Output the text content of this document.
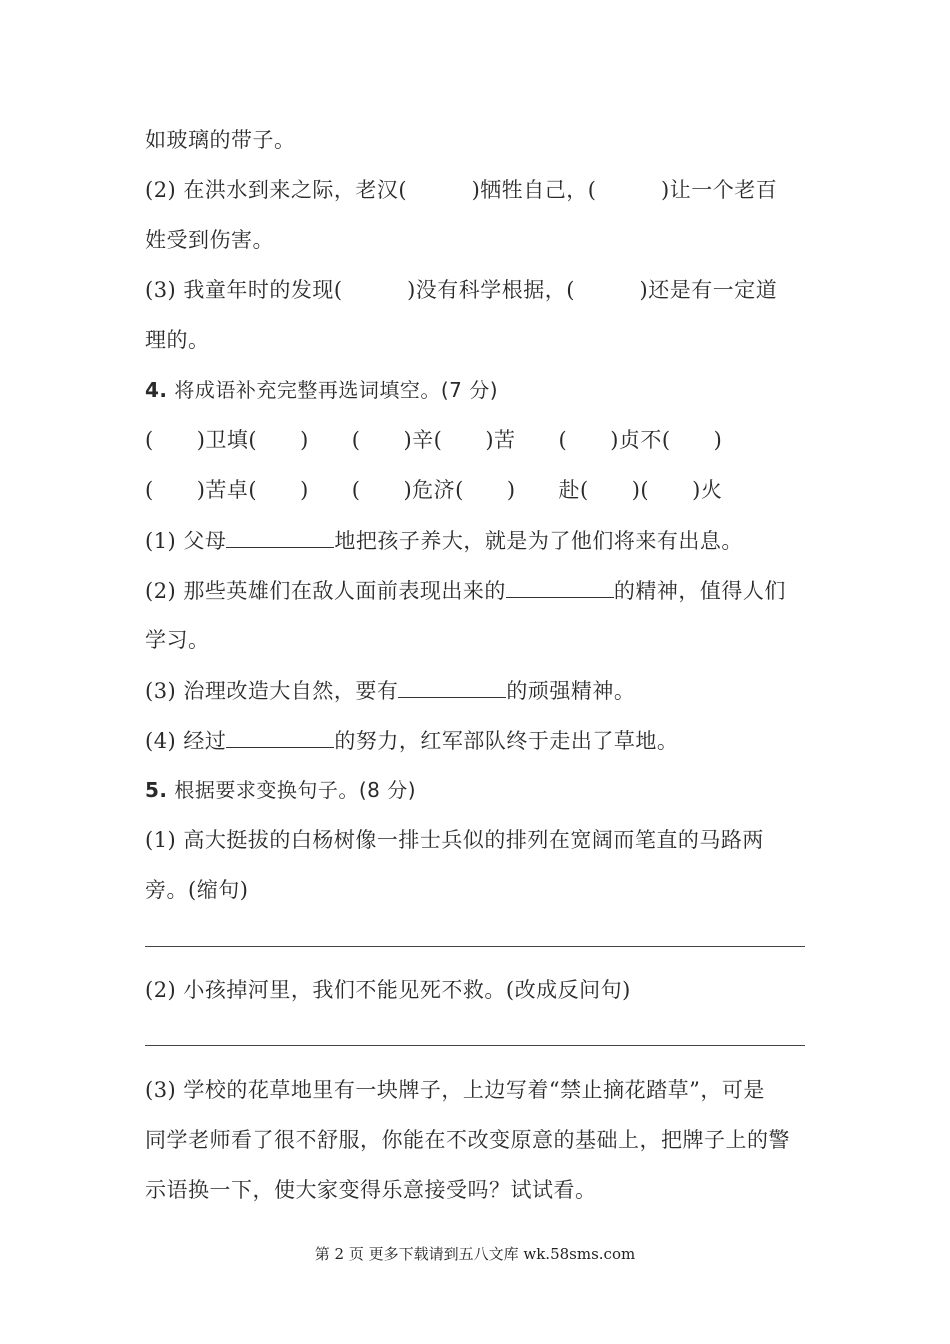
如玻璃的带子。
(2) 在洪水到来之际，老汉(　　　)牺牲自己，(　　　)让一个老百
姓受到伤害。
(3) 我童年时的发现(　　　)没有科学根据，(　　　)还是有一定道
理的。
4. 将成语补充完整再选词填空。(7 分)
(　　)卫填(　　)　　(　　)辛(　　)苦　　(　　)贞不(　　)
(　　)苦卓(　　)　　(　　)危济(　　)　　赴(　　)(　　)火
(1) 父母	地把孩子养大，就是为了他们将来有出息。
(2) 那些英雄们在敌人面前表现出来的	的精神，值得人们
学习。
(3) 治理改造大自然，要有	的顽强精神。
(4) 经过	的努力，红军部队终于走出了草地。
5. 根据要求变换句子。(8 分)
(1) 高大挺拔的白杨树像一排士兵似的排列在宽阔而笔直的马路两
旁。(缩句)
(2) 小孩掉河里，我们不能见死不救。(改成反问句)
(3) 学校的花草地里有一块牌子，上边写着“禁止摘花踏草”，可是
同学老师看了很不舒服，你能在不改变原意的基础上，把牌子上的警
示语换一下，使大家变得乐意接受吗？试试看。
第 2 页 更多下载请到五八文库 wk.58sms.com
